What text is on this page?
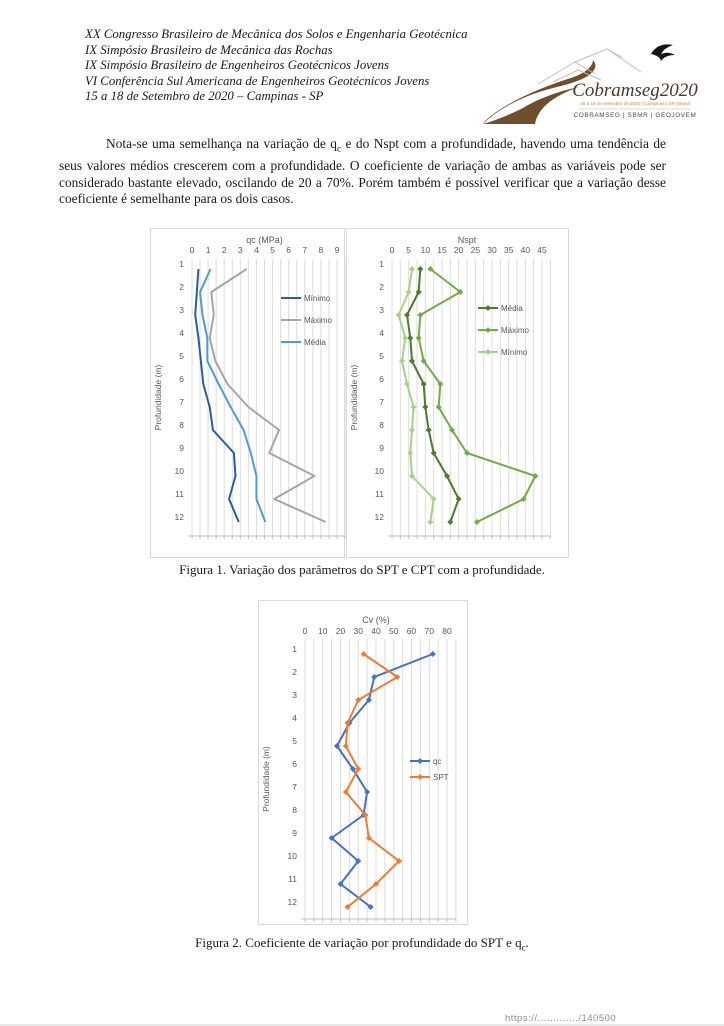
XX Congresso Brasileiro de Mecânica dos Solos e Engenharia Geotécnica
IX Simpósio Brasileiro de Mecânica das Rochas
IX Simpósio Brasileiro de Engenheiros Geotécnicos Jovens
VI Conferência Sul Americana de Engenheiros Geotécnicos Jovens
15 a 18 de Setembro de 2020 – Campinas - SP	Cobramseg2020
15 a 18 de setembro de 2020 | Campinas | SP | Brasil
COBRAMSEG | SBMR | GEOJOVEM

Nota-se uma semelhança na variação de $q_c$ e do Nspt com a profundidade, havendo uma tendência de seus valores médios crescerem com a profundidade. O coeficiente de variação de ambas as variáveis pode ser considerado bastante elevado, oscilando de 20 a 70%. Porém também é possível verificar que a variação desse coeficiente é semelhante para os dois casos.

qc (MPa)
0 1 2 3 4 5 6 7 8 9
1
2
3
4
5
6
7
8
9
10
11
12
Profundidade (m)
Mínimo
Máximo
Média
Nspt
0 5 10 15 20 25 30 35 40 45
1
2
3
4
5
6
7
8
9
10
11
12
Profundidade (m)
Média
Máximo
Mínimo
Figura 1. Variação dos parâmetros do SPT e CPT com a profundidade.
Cv (%)
0 10 20 30 40 50 60 70 80
1
2
3
4
5
6
7
8
9
10
11
12
Profundidade (m)	qc
SPT
Figura 2. Coeficiente de variação por profundidade do SPT e $q_c$.
https://............./140500
